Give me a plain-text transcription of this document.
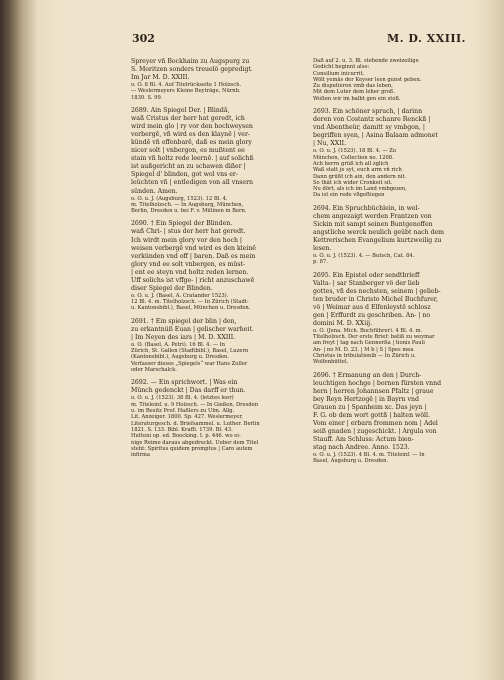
302	M. D. XXIII.

Spreyer vñ Bockhaim zu Augspurg zu

S. Moritzen sonders treuelö gepredigt.

Im Jar M. D. XXIII.

o. O. 8 Bl. 4. Auf Titelrückseite 1 Holzsch.

— Weslermeyers Kleine Beyträge, Nürnb.

1830. S. 99.

2689. Ain Spiegel Der. | Blindā,

waß Cristus der herr hat geredt, ich

wird mein glo | ry vor den hochweysen

verbergē, vñ wird es den klaynē | ver-

kündē vñ offenbarē, daß es mein glory

nicer solt | vnbergon, es mußtent ee

stain vñ holtz rede leernē. | auf solichß

ist außgericht an zu schawen dißer |

Spiegel d' blinden, got wol vns er-

leüchten vñ | entledigen von all vnsern

sünden. Amen.

o. O. u. J. (Augsburg, 1523). 12 Bl. 4.

m. Titelholzsch. — In Augsburg, München,

Berlin, Dresden u. bei F. v. Mülinen in Bern.

2690. † Ein Spiegel der Blinden.

waß Chri- | stus der herr hat geredt.

Ich wirdt mein glory vor den hoch |

weisen verbergē vnd wird es den kleinē

verkünden vnd off | baren. Daß es mein

glory vnd ee solt vnbergen, es müst-

| ent ee steyn vnd holtz reden lernen.

Uff solichs ist vffge- | richt anzuschawē

diser Spiegel der Blinden.

o. O. u. J. (Basel, A. Cratander 1523).

12 Bl. 4. m. Titelholzsch. — In Zürich (Stadt-

u. Kantonsbibl.), Basel, München u. Dresden.

2691. † Ein spiegel der blin | den,

zu erkantnüß Euan | gelischer warheit.

| Im Neyen des iars | M. D. XXIII.

o. O. (Basel, A. Petri). 16 Bl. 4. — In

Zürich, St. Gallen (Stadtbibl.), Basel, Luzern

(Kantonsbibl.), Augsburg u. Dresden.

Verfasser dieses „Spiegels“ war Hans Zoller

oder Marschalck.

2692. — Ein sprichwort. | Was ein

Münch gedenckt | Das darff er thun.

o. O. u. J. (1523). 38 Bl. 4. (letztes leer)

m. Titeleinf. u. 9 Holzsch. — In Gießen, Dresden

u. im Besitz Prof. Haßlers zu Ulm. Allg.

Lit. Anzeiger. 1800. Sp. 427. Weslermeyer,

Literaturgesch. d. Briefsammel. u. Luther. Berlin

1821. S. 133. Bibl. Kraffi. 1739. Bl. 43.

Hutteni op. ed. Boecking. I. p. 446. wo ei-

nige Reime daraus abgedruckt. Ueber dem Titel

steht: Spiritus quidem promptus | Caro autem

infirma

Daß auf 2. u. 3. Bl. stehende zweizeilige

Gedicht beginnt also:

Consilium inicurrit.

Wölt yemäs der Keyser lesn gunst geben.

Zu disputieren vmb das leben,

Mit dem Luter dem leher groß.

Wolten wir im balbt gen ein stoß.

2693. Ein schöner spruch, | darinn

deren von Costantz schanre Renckß |

vnd Abentheür, damitt sy vmbgon, |

begriffen syen, | Asina Balaam admonet

| Nu, XXII.

o. O. u. J. (1523). 18 Bl. 4. — Zu

München, Collection no. 1208.

Ach herrn grüß ich all zglich

Waß statt je syt, euch arm vñ rich

Dann grüßt ich ain, den andern nit.

So thät ich wider Cronkeit sit.

Nu dört, als ich im Land vmbgezen,

Da ist ein rede vßgeftiegen

2694. Ein Spruchbüchlein, in wel-

chem angezaigt werden Frantzen von

Sickin mit sampt seinen Buntgenoffen

angstliche werck neulich geübt nach dem

Kettrerischen Evangelium kurtzweilig zu

lesen.

o. O. u. J. (1523). 4. — Butsch, Cat. 84.

p. 87.

2695. Ein Epistel oder sendtbrieff

Valta- | sar Stanberger vö der lieb

gottes, vñ des nechsten, seinem | gelieb-

ten bruder in Christo Michel Buchfurer,

vö | Weimar aus d Elfenleystē schlosz

gen | Erffurdt zu geschriben. An- | no

domini M. D. XXiij.

o. O. (Jena. Mich. Buchführer). 4 Bl. 4. m.

Titelholzsch. Der erste Brief: batiß zu weymar

am freyt | tag nach Gennerßa | tionis Pauli

An- | no M. D. 23. | M b | S | Spes mea

Christus in tribulationib — In Zürich u.

Wolfenbüttel.

2696. † Ermanung an den | Durch-

leuchtigen hochge | bornen fürsten vnnd

hern | herren Johannsen Pfaltz | graue

bey Reyn Hertzogē | in Bayrn vnd

Grauen zu | Spanheim xc. Das jeyn |

F. G. ob dem wort gottß | halten wöll.

Vom einer | erbarn frommen nom | Adel

seiß gnaden | zugeschickt. | Argula von

Stauff. Am Schluss: Actum bien-

stag nach Andree. Anno. 1523.

o. O. u. J. (1523). 4 Bl. 4. m. Titeleinf. — In

Basel, Augsburg u. Dresden.
